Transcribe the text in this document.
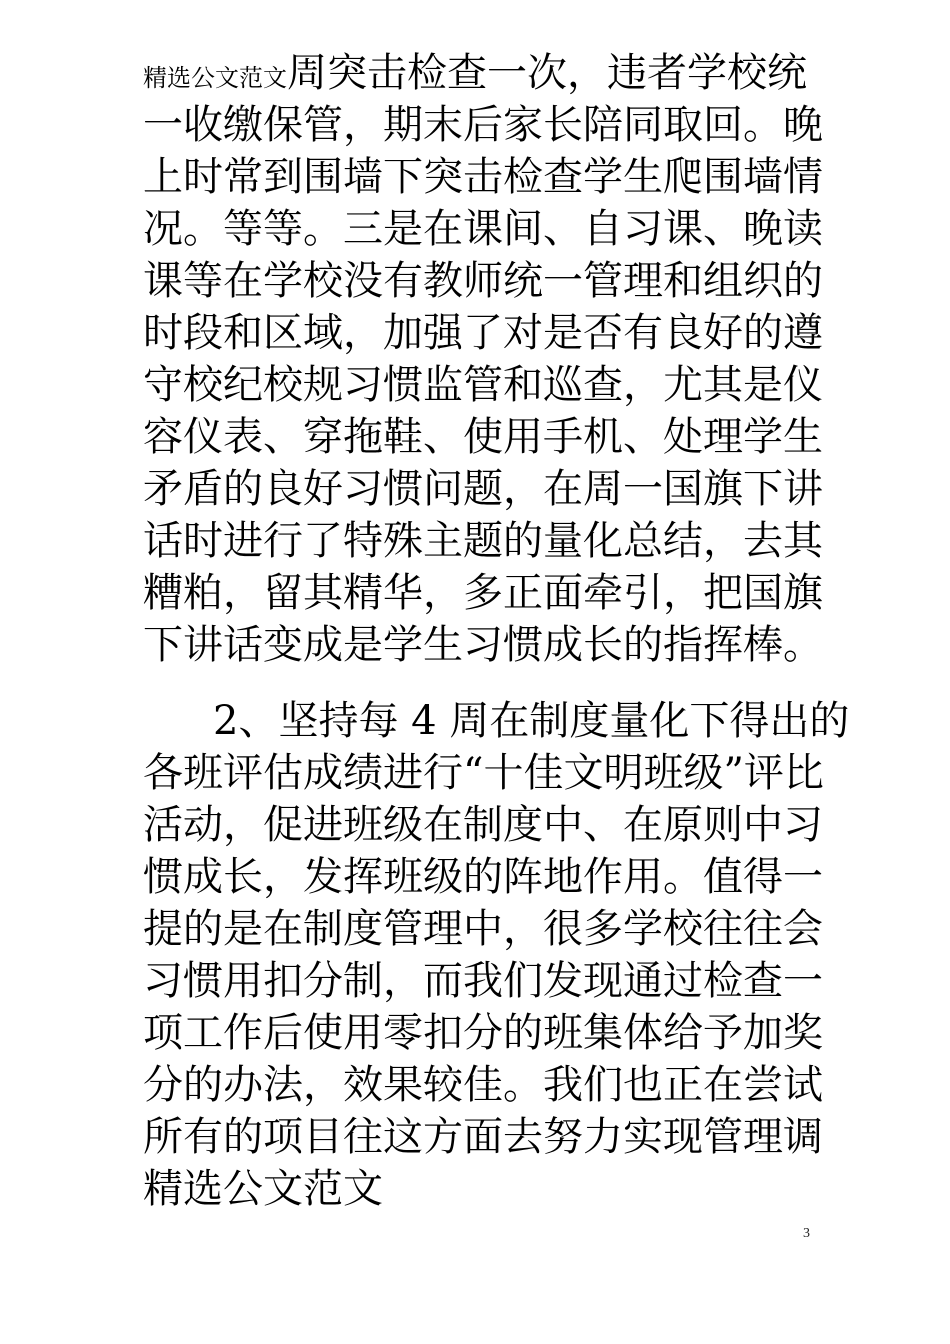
精选公文范文周突击检查一次，违者学校统
一收缴保管，期末后家长陪同取回。晚
上时常到围墙下突击检查学生爬围墙情
况。等等。三是在课间、自习课、晚读
课等在学校没有教师统一管理和组织的
时段和区域，加强了对是否有良好的遵
守校纪校规习惯监管和巡查，尤其是仪
容仪表、穿拖鞋、使用手机、处理学生
矛盾的良好习惯问题，在周一国旗下讲
话时进行了特殊主题的量化总结，去其
糟粕，留其精华，多正面牵引，把国旗
下讲话变成是学生习惯成长的指挥棒。
2、坚持每 4 周在制度量化下得出的
各班评估成绩进行“十佳文明班级”评比
活动，促进班级在制度中、在原则中习
惯成长，发挥班级的阵地作用。值得一
提的是在制度管理中，很多学校往往会
习惯用扣分制，而我们发现通过检查一
项工作后使用零扣分的班集体给予加奖
分的办法，效果较佳。我们也正在尝试
所有的项目往这方面去努力实现管理调
精选公文范文
3
